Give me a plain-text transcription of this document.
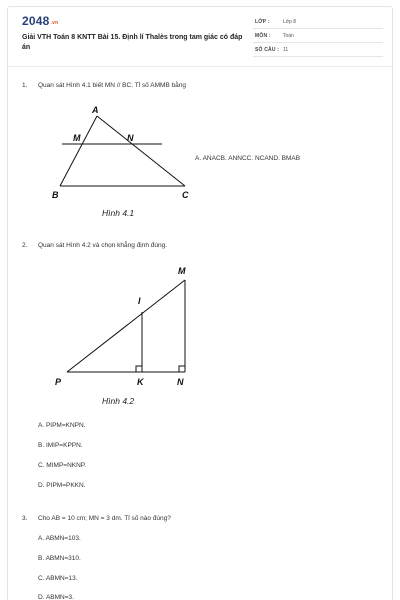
2048.vn
Giải VTH Toán 8 KNTT Bài 15. Định lí Thalès trong tam giác có đáp án
LỚP :	Lớp 8
MÔN : Toán
SỐ CÂU : 11
1. Quan sát Hình 4.1 biết MN // BC. Tỉ số AMMB bằng
A
M	N
B	C
Hình 4.1
A. ANACB. ANNCC. NCAND. BMAB
2. Quan sát Hình 4.2 và chọn khẳng định đúng.
M
I
P	K	N
Hình 4.2
A. PIPM=KNPN.
B. IMIP=KPPN.
C. MIMP=NKNP.
D. PIPM=PKKN.
3. Cho AB = 10 cm; MN = 3 dm. Tỉ số nào đúng?
A. ABMN=103.
B. ABMN=310.
C. ABMN=13.
D. ABMN=3.
